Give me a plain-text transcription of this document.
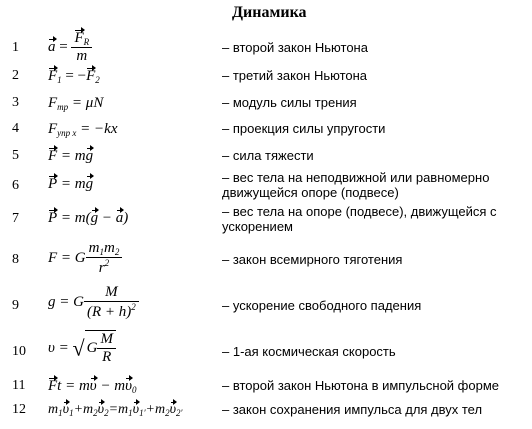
Динамика
1 $a = \frac{F_R}{m}$	– второй закон Ньютона
2 $F_1 = -F_2$	– третий закон Ньютона
3 $F_{тр} = \mu N$	– модуль силы трения
4 $F_{упр x} = -kx$	– проекция силы упругости
5 F = mg	– сила тяжести
6 P = mg	– вес тела на неподвижной или равномерно движущейся опоре (подвесе)
7 P = m(g − a)	– вес тела на опоре (подвесе), движущейся с ускорением
8 F = G $\frac{m_1m_2}{r^2}$	– закон всемирного тяготения
9 g = G $\frac{M}{(R + h)^2}$	– ускорение свободного падения
10 υ = √ G $\frac{M}{R}$	– 1-ая космическая скорость
11 $Ft = m\upsilon - m\upsilon_0$	– второй закон Ньютона в импульсной форме
12 $m_1\upsilon_1+m_2\upsilon_2=m_1\upsilon_{1'}+m_2\upsilon_{2'}$	– закон сохранения импульса для двух тел
